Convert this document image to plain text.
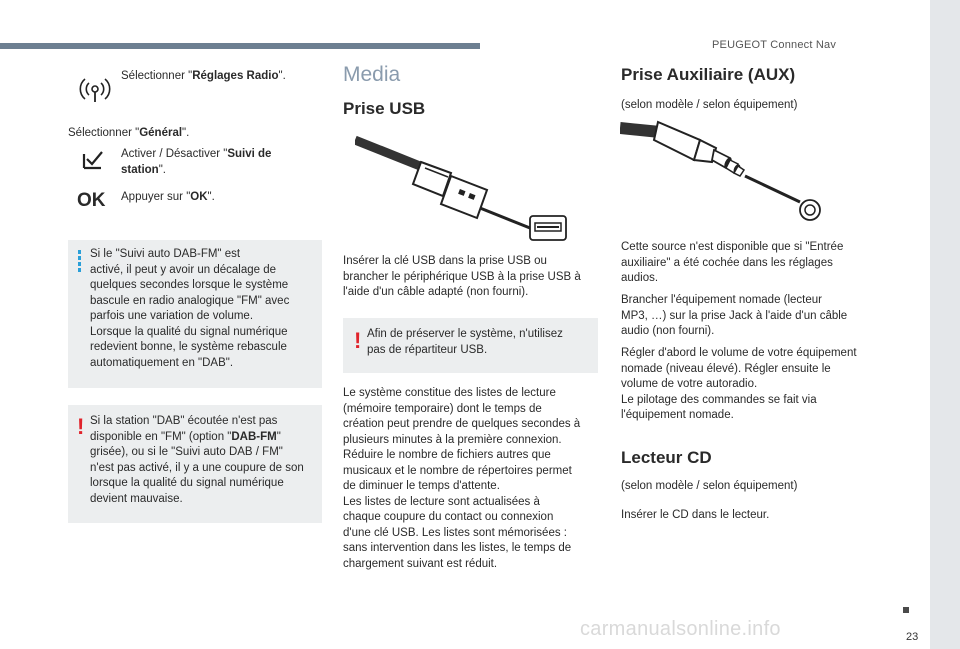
PEUGEOT Connect Nav
23
carmanualsonline.info

Sélectionner "Réglages Radio".

Sélectionner "Général".

Activer / Désactiver "Suivi de station".
OK Appuyer sur "OK".

Si le "Suivi auto DAB-FM" est
activé, il peut y avoir un décalage de
quelques secondes lorsque le système
bascule en radio analogique "FM" avec
parfois une variation de volume.
Lorsque la qualité du signal numérique
redevient bonne, le système rebascule
automatiquement en "DAB".
! Si la station "DAB" écoutée n'est pas
disponible en "FM" (option "DAB-FM"
grisée), ou si le "Suivi auto DAB / FM"
n'est pas activé, il y a une coupure de son
lorsque la qualité du signal numérique
devient mauvaise.
Media
Prise USB
Insérer la clé USB dans la prise USB ou
brancher le périphérique USB à la prise USB à
l'aide d'un câble adapté (non fourni).
! Afin de préserver le système, n'utilisez
pas de répartiteur USB.
Le système constitue des listes de lecture
(mémoire temporaire) dont le temps de
création peut prendre de quelques secondes à
plusieurs minutes à la première connexion.
Réduire le nombre de fichiers autres que
musicaux et le nombre de répertoires permet
de diminuer le temps d'attente.
Les listes de lecture sont actualisées à
chaque coupure du contact ou connexion
d'une clé USB. Les listes sont mémorisées :
sans intervention dans les listes, le temps de
chargement suivant est réduit.
Prise Auxiliaire (AUX)
(selon modèle / selon équipement)
Cette source n'est disponible que si "Entrée
auxiliaire" a été cochée dans les réglages
audios.
Brancher l'équipement nomade (lecteur
MP3, …) sur la prise Jack à l'aide d'un câble
audio (non fourni).
Régler d'abord le volume de votre équipement
nomade (niveau élevé). Régler ensuite le
volume de votre autoradio.
Le pilotage des commandes se fait via
l'équipement nomade.
Lecteur CD
(selon modèle / selon équipement)
Insérer le CD dans le lecteur.
